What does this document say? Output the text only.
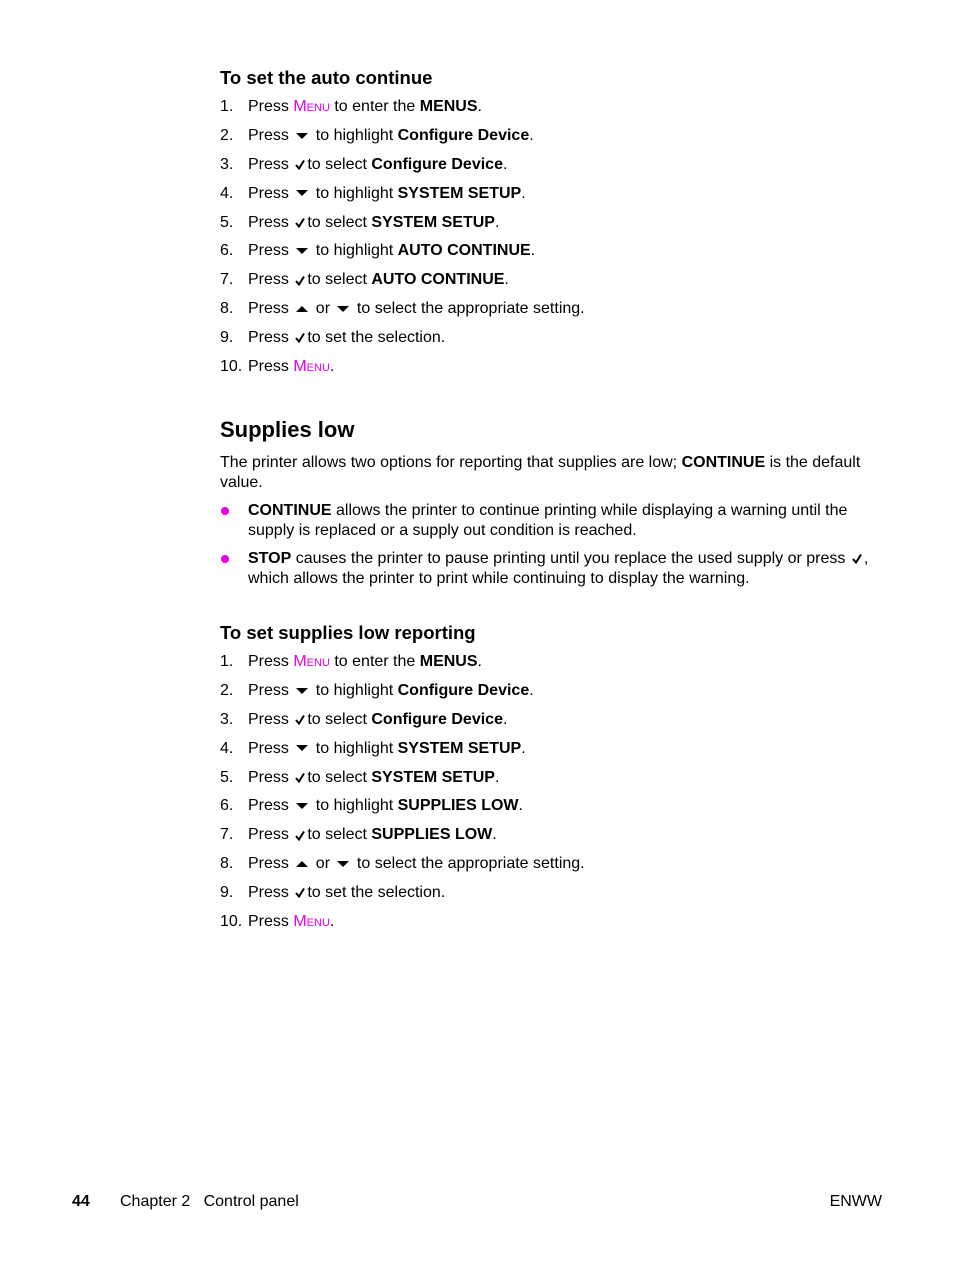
To set the auto continue
1. Press Menu to enter the MENUS.
2. Press
to highlight Configure Device.
3. Press
to select Configure Device.
4. Press
to highlight SYSTEM SETUP.
5. Press
to select SYSTEM SETUP.
6. Press
to highlight AUTO CONTINUE.
7. Press
to select AUTO CONTINUE.
8. Press
or
to select the appropriate setting.
9. Press
to set the selection.
10. Press Menu.
Supplies low

The printer allows two options for reporting that supplies are low; CONTINUE is the default value.

CONTINUE allows the printer to continue printing while displaying a warning until the supply is replaced or a supply out condition is reached.
STOP causes the printer to pause printing until you replace the used supply or press
, which allows the printer to print while continuing to display the warning.
To set supplies low reporting
1. Press Menu to enter the MENUS.
2. Press
to highlight Configure Device.
3. Press
to select Configure Device.
4. Press
to highlight SYSTEM SETUP.
5. Press
to select SYSTEM SETUP.
6. Press
to highlight SUPPLIES LOW.
7. Press
to select SUPPLIES LOW.
8. Press
or
to select the appropriate setting.
9. Press
to set the selection.
10. Press Menu.
44 Chapter 2   Control panel	ENWW
